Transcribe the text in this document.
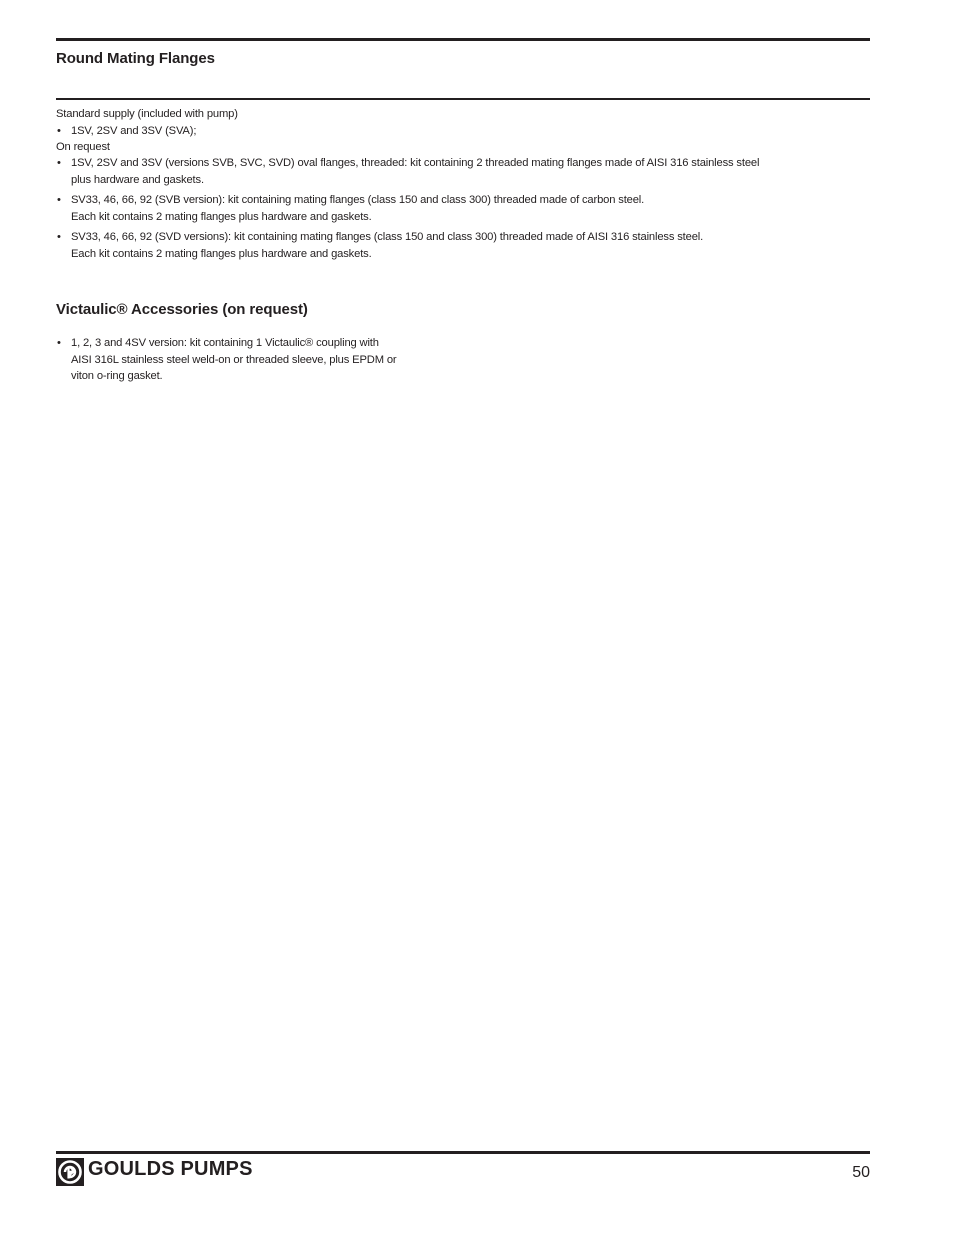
Round Mating Flanges
Standard supply (included with pump)
• 1SV, 2SV and 3SV (SVA);
On request
• 1SV, 2SV and 3SV (versions SVB, SVC, SVD) oval flanges, threaded: kit containing 2 threaded mating flanges made of AISI 316 stainless steel
plus hardware and gaskets.
• SV33, 46, 66, 92 (SVB version): kit containing mating flanges (class 150 and class 300) threaded made of carbon steel.
Each kit contains 2 mating flanges plus hardware and gaskets.
• SV33, 46, 66, 92 (SVD versions): kit containing mating flanges (class 150 and class 300) threaded made of AISI 316 stainless steel.
Each kit contains 2 mating flanges plus hardware and gaskets.
Victaulic® Accessories (on request)
• 1, 2, 3 and 4SV version: kit containing 1 Victaulic® coupling with
AISI 316L stainless steel weld-on or threaded sleeve, plus EPDM or
viton o-ring gasket.
GOULDS PUMPS	50
